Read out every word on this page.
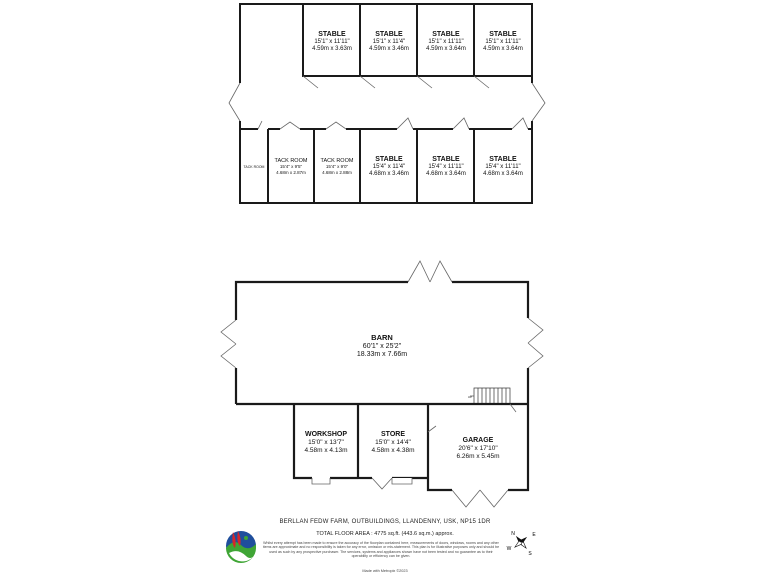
STABLE
15'1" x 11'11"
4.59m x 3.63m
STABLE
15'1" x 11'4"
4.59m x 3.46m
STABLE
15'1" x 11'11"
4.59m x 3.64m
STABLE
15'1" x 11'11"
4.59m x 3.64m
TACK ROOM
TACK ROOM
15'4" x 9'5"
4.68m x 2.87m
TACK ROOM
15'4" x 9'0"
4.68m x 2.88m
STABLE
15'4" x 11'4"
4.68m x 3.46m
STABLE
15'4" x 11'11"
4.68m x 3.64m
STABLE
15'4" x 11'11"
4.68m x 3.64m
BARN
60'1" x 25'2"
18.33m x 7.66m
UP
WORKSHOP
15'0" x 13'7"
4.58m x 4.13m
STORE
15'0" x 14'4"
4.58m x 4.38m
GARAGE
20'6" x 17'10"
6.26m x 5.45m
N	E
S
W
BERLLAN FEDW FARM, OUTBUILDINGS, LLANDENNY, USK, NP15 1DR
TOTAL FLOOR AREA : 4775 sq.ft. (443.6 sq.m.) approx.
Whilst every attempt has been made to ensure the accuracy of the floorplan contained here, measurements of doors, windows, rooms and any other items are approximate and no responsibility is taken for any error, omission or mis-statement. This plan is for illustrative purposes only and should be used as such by any prospective purchaser. The services, systems and appliances shown have not been tested and no guarantee as to their operability or efficiency can be given.
Made with Metropix ©2023
